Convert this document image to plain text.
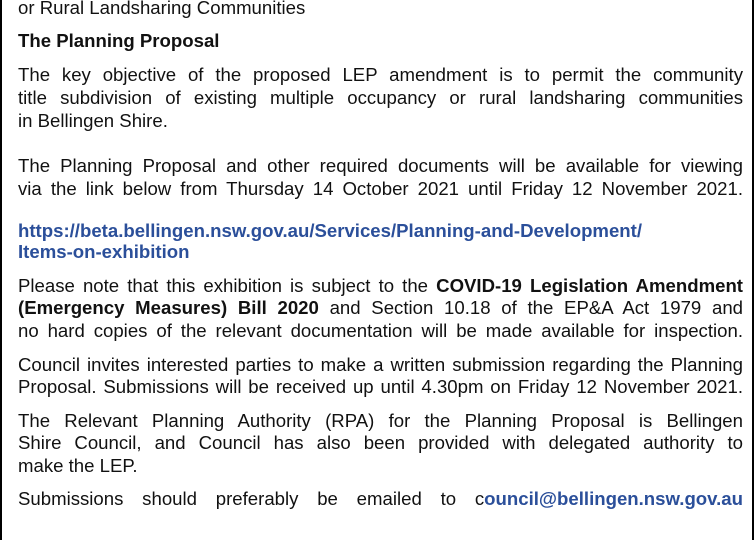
or Rural Landsharing Communities
The Planning Proposal
The key objective of the proposed LEP amendment is to permit the community
title subdivision of existing multiple occupancy or rural landsharing communities
in Bellingen Shire.
The Planning Proposal and other required documents will be available for viewing
via the link below from Thursday 14 October 2021 until Friday 12 November 2021.
https://beta.bellingen.nsw.gov.au/Services/Planning-and-Development/
Items-on-exhibition
Please note that this exhibition is subject to the COVID-19 Legislation Amendment
(Emergency Measures) Bill 2020 and Section 10.18 of the EP&A Act 1979 and
no hard copies of the relevant documentation will be made available for inspection.
Council invites interested parties to make a written submission regarding the Planning
Proposal. Submissions will be received up until 4.30pm on Friday 12 November 2021.
The Relevant Planning Authority (RPA) for the Planning Proposal is Bellingen
Shire Council, and Council has also been provided with delegated authority to
make the LEP.
Submissions should preferably be emailed to council@bellingen.nsw.gov.au
